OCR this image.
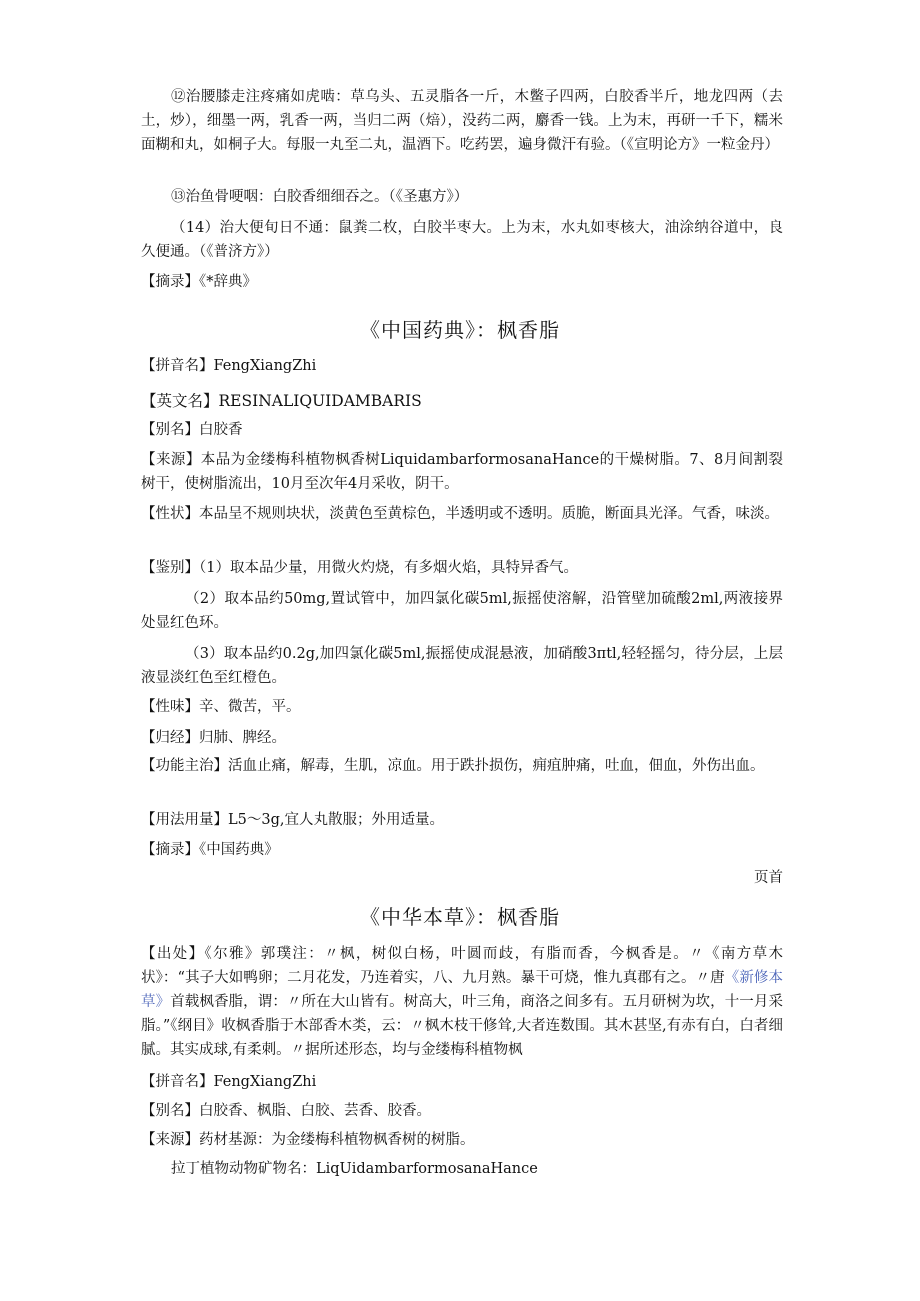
⑫治腰膝走注疼痛如虎啮：草乌头、五灵脂各一斤，木鳖子四两，白胶香半斤，地龙四两（去土，炒），细墨一两，乳香一两，当归二两（焙），没药二两，麝香一钱。上为末，再研一千下，糯米面糊和丸，如桐子大。每服一丸至二丸，温酒下。吃药罢，遍身微汗有验。（《宣明论方》一粒金丹）

⑬治鱼骨哽咽：白胶香细细吞之。（《圣惠方》）

（14）治大便旬日不通：鼠粪二枚，白胶半枣大。上为末，水丸如枣核大，油涂纳谷道中，良久便通。（《普济方》）

【摘录】《*辞典》

《中国药典》：枫香脂

【拼音名】FengXiangZhi

【英文名】RESINALIQUIDAMBARIS

【别名】白胶香

【来源】本品为金缕梅科植物枫香树LiquidambarformosanaHance的干燥树脂。7、8月间割裂树干，使树脂流出，10月至次年4月采收，阴干。

【性状】本品呈不规则块状，淡黄色至黄棕色，半透明或不透明。质脆，断面具光泽。气香，味淡。

【鉴别】（1）取本品少量，用微火灼烧，有多烟火焰，具特异香气。

（2）取本品约50mg,置试管中，加四氯化碳5ml,振摇使溶解，沿管壁加硫酸2ml,两液接界处显红色环。

（3）取本品约0.2g,加四氯化碳5ml,振摇使成混悬液，加硝酸3πtl,轻轻摇匀，待分层，上层液显淡红色至红橙色。

【性味】辛、微苦，平。

【归经】归肺、脾经。

【功能主治】活血止痛，解毒，生肌，凉血。用于跌扑损伤，痈疽肿痛，吐血，佃血，外伤出血。

【用法用量】L5〜3g,宜人丸散服；外用适量。

【摘录】《中国药典》

页首

《中华本草》：枫香脂

【出处】《尔雅》郭璞注：〃枫，树似白杨，叶圆而歧，有脂而香，今枫香是。〃《南方草木状》：“其子大如鸭卵；二月花发，乃连着实，八、九月熟。暴干可烧，惟九真郡有之。〃唐《新修本草》首载枫香脂，谓：〃所在大山皆有。树高大，叶三角，商洛之间多有。五月研树为坎，十一月采脂。”《纲目》收枫香脂于木部香木类，云：〃枫木枝干修耸,大者连数围。其木甚坚,有赤有白，白者细腻。其实成球,有柔刺。〃据所述形态，均与金缕梅科植物枫

【拼音名】FengXiangZhi

【别名】白胶香、枫脂、白胶、芸香、胶香。

【来源】药材基源：为金缕梅科植物枫香树的树脂。

拉丁植物动物矿物名：LiqUidambarformosanaHance
